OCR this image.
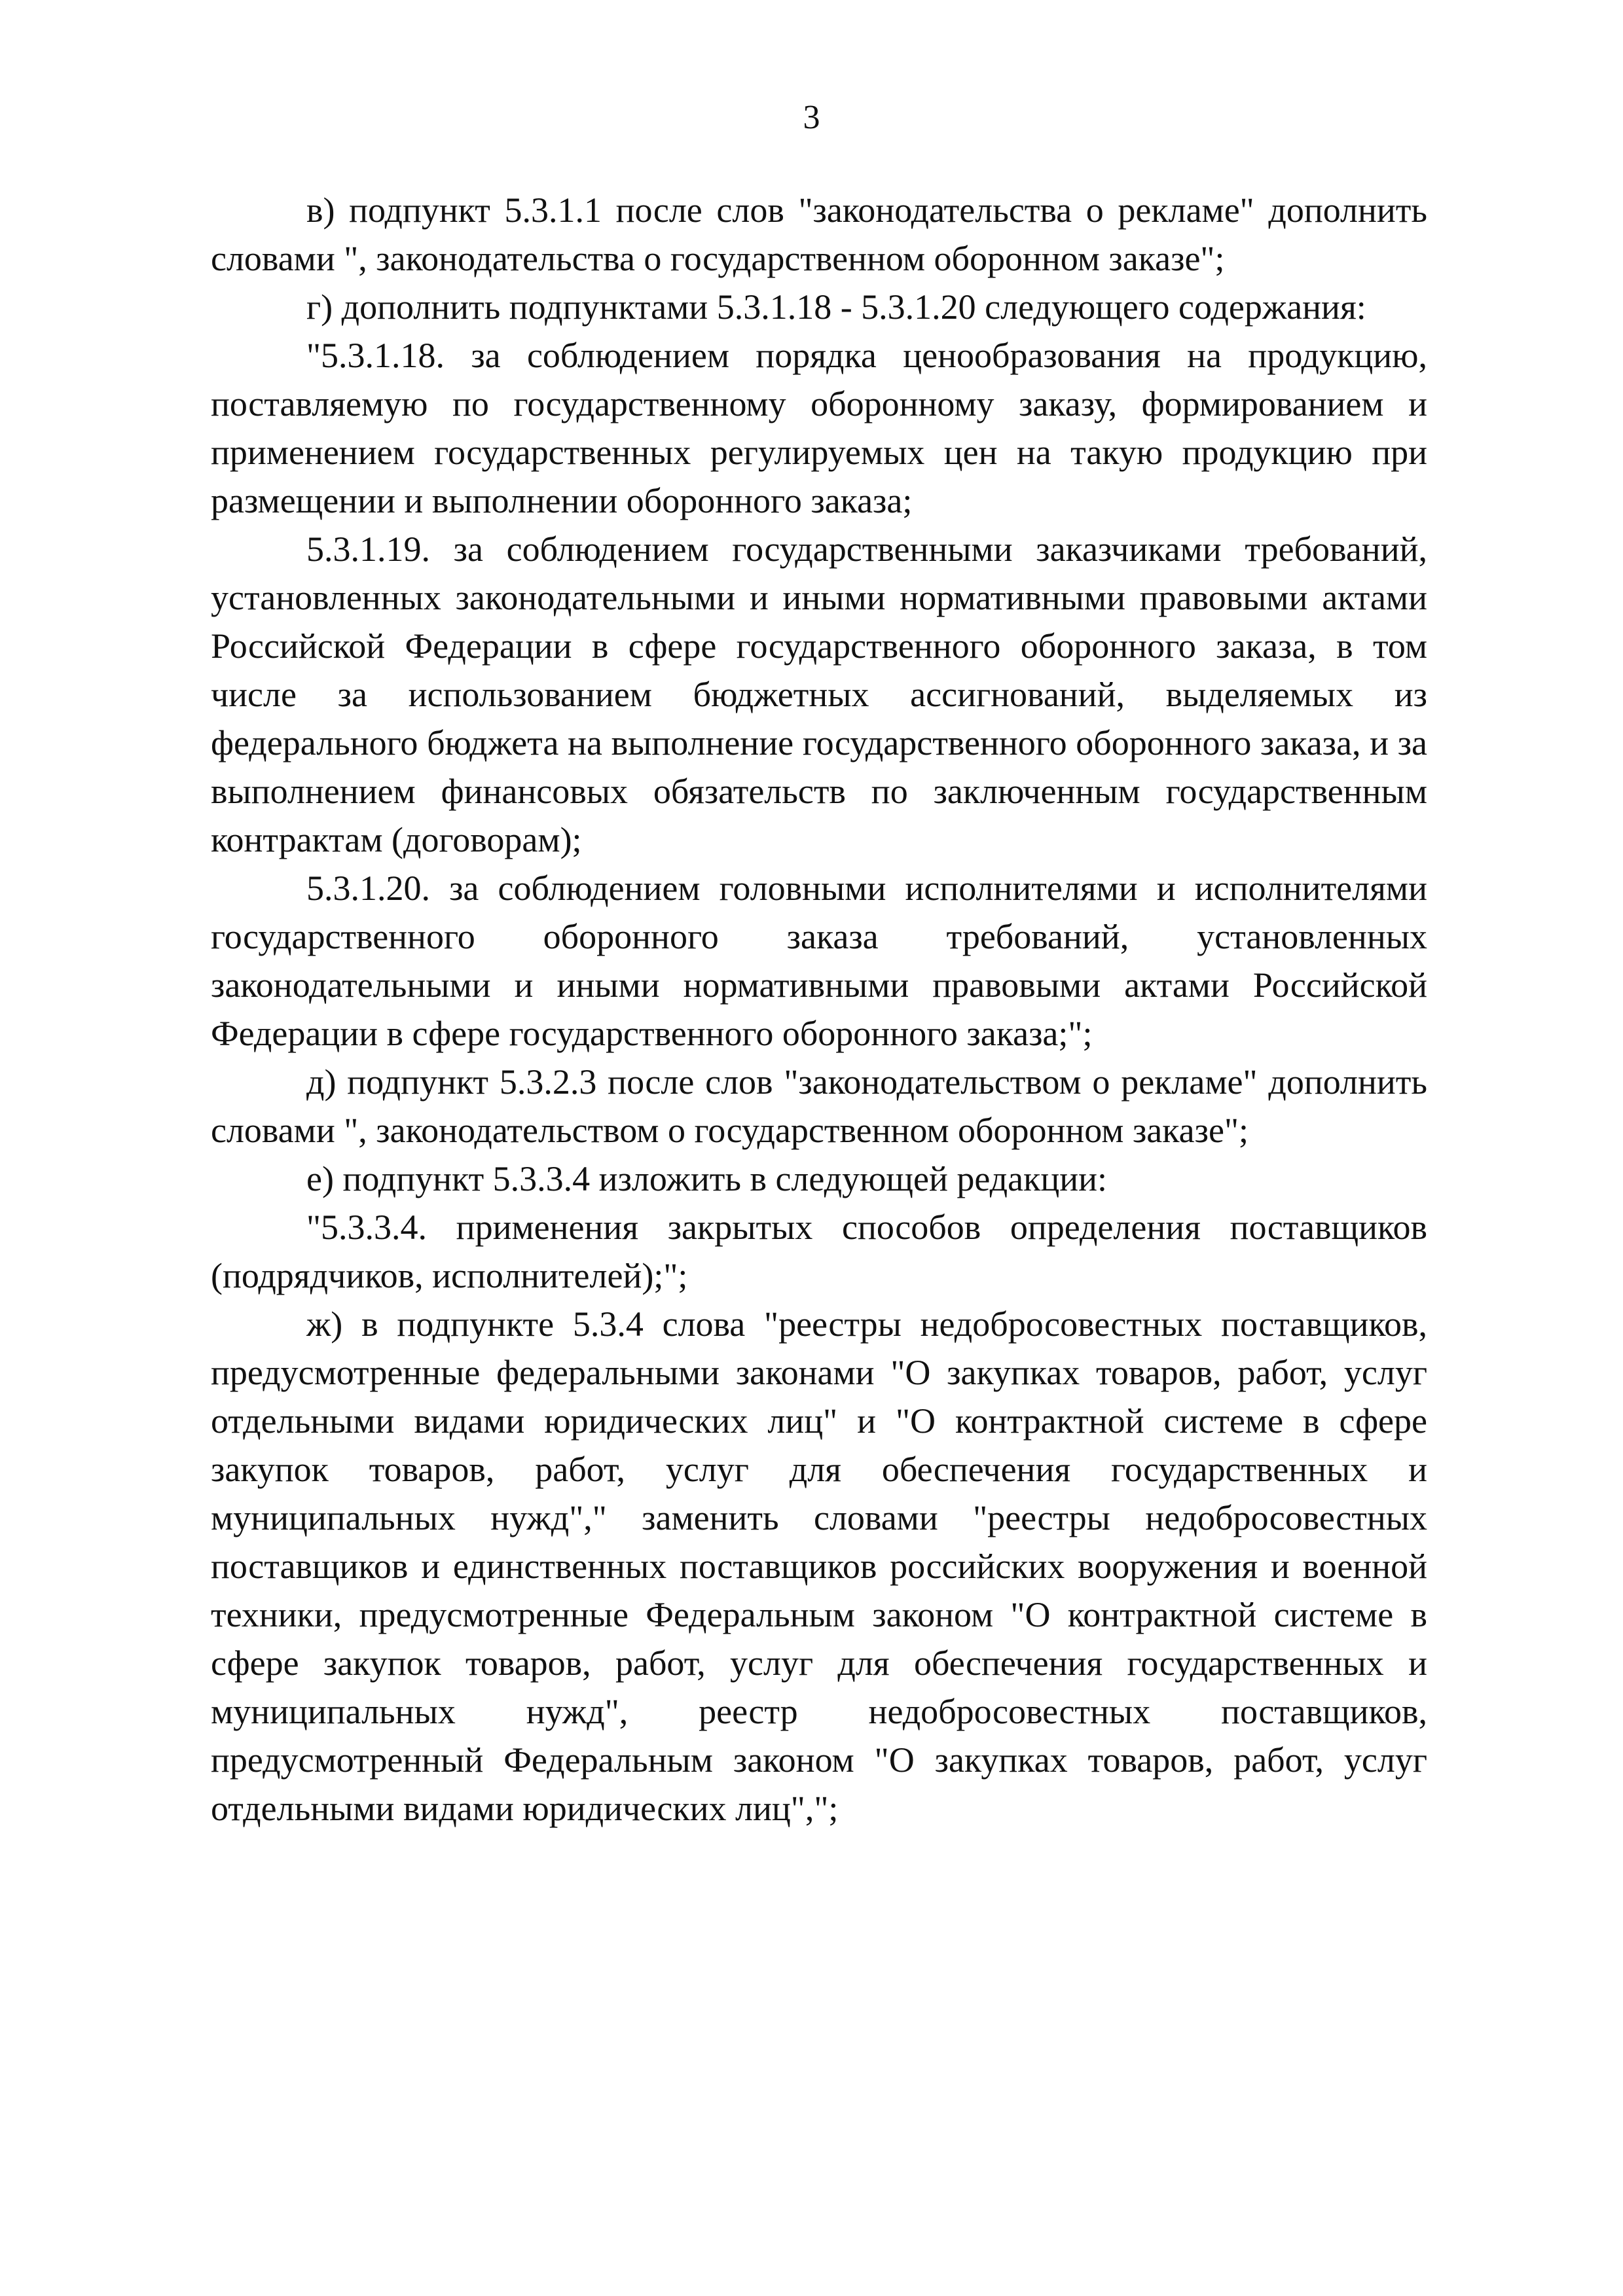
3

в) подпункт 5.3.1.1 после слов "законодательства о рекламе" дополнить словами ", законодательства о государственном оборонном заказе";

г) дополнить подпунктами 5.3.1.18 - 5.3.1.20 следующего содержания:

"5.3.1.18. за соблюдением порядка ценообразования на продукцию, поставляемую по государственному оборонному заказу, формированием и применением государственных регулируемых цен на такую продукцию при размещении и выполнении оборонного заказа;

5.3.1.19. за соблюдением государственными заказчиками требований, установленных законодательными и иными нормативными правовыми актами Российской Федерации в сфере государственного оборонного заказа, в том числе за использованием бюджетных ассигнований, выделяемых из федерального бюджета на выполнение государственного оборонного заказа, и за выполнением финансовых обязательств по заключенным государственным контрактам (договорам);

5.3.1.20. за соблюдением головными исполнителями и исполнителями государственного оборонного заказа требований, установленных законодательными и иными нормативными правовыми актами Российской Федерации в сфере государственного оборонного заказа;";

д) подпункт 5.3.2.3 после слов "законодательством о рекламе" дополнить словами ", законодательством о государственном оборонном заказе";

е) подпункт 5.3.3.4 изложить в следующей редакции:

"5.3.3.4. применения закрытых способов определения поставщиков (подрядчиков, исполнителей);";

ж) в подпункте 5.3.4 слова "реестры недобросовестных поставщиков, предусмотренные федеральными законами "О закупках товаров, работ, услуг отдельными видами юридических лиц" и "О контрактной системе в сфере закупок товаров, работ, услуг для обеспечения государственных и муниципальных нужд"," заменить словами "реестры недобросовестных поставщиков и единственных поставщиков российских вооружения и военной техники, предусмотренные Федеральным законом "О контрактной системе в сфере закупок товаров, работ, услуг для обеспечения государственных и муниципальных нужд", реестр недобросовестных поставщиков, предусмотренный Федеральным законом "О закупках товаров, работ, услуг отдельными видами юридических лиц",";
